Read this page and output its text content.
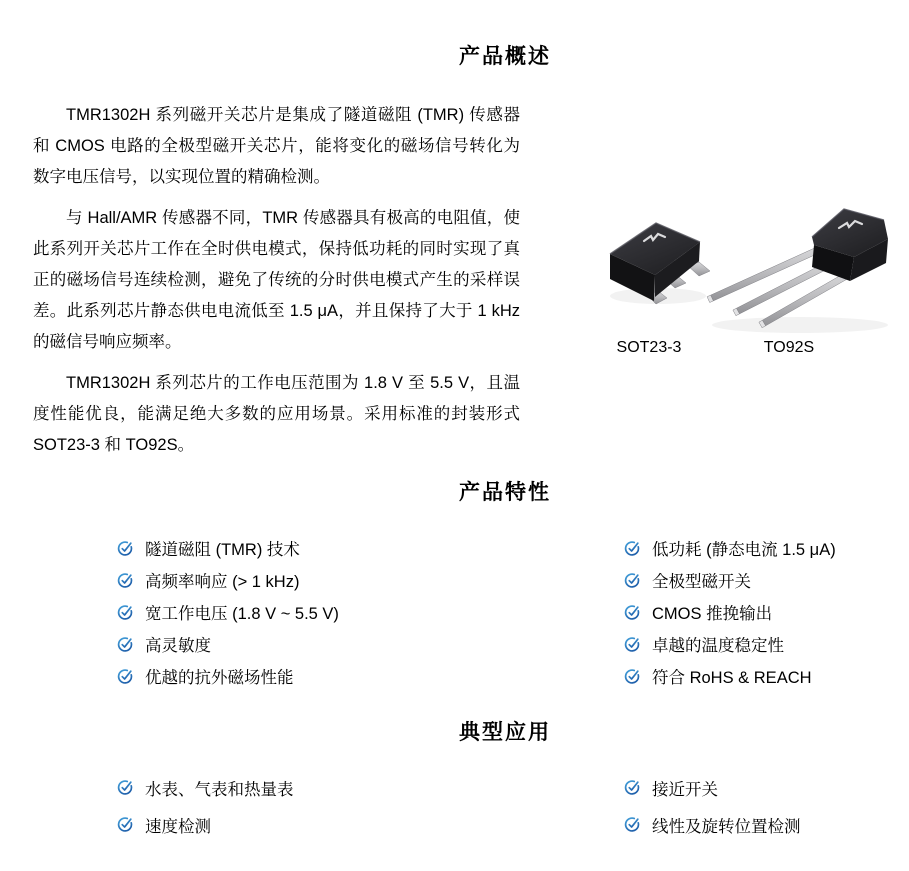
产品概述
产品特性
典型应用

TMR1302H 系列磁开关芯片是集成了隧道磁阻 (TMR) 传感器和 CMOS 电路的全极型磁开关芯片，能将变化的磁场信号转化为数字电压信号，以实现位置的精确检测。

与 Hall/AMR 传感器不同，TMR 传感器具有极高的电阻值，使此系列开关芯片工作在全时供电模式，保持低功耗的同时实现了真正的磁场信号连续检测，避免了传统的分时供电模式产生的采样误差。此系列芯片静态供电电流低至 1.5 μA，并且保持了大于 1 kHz 的磁信号响应频率。

TMR1302H 系列芯片的工作电压范围为 1.8 V 至 5.5 V，且温度性能优良，能满足绝大多数的应用场景。采用标准的封装形式 SOT23-3 和 TO92S。

SOT23-3	TO92S
隧道磁阻 (TMR) 技术
高频率响应 (> 1 kHz)
宽工作电压 (1.8 V ~ 5.5 V)
高灵敏度
优越的抗外磁场性能
低功耗 (静态电流 1.5 μA)
全极型磁开关
CMOS 推挽输出
卓越的温度稳定性
符合 RoHS & REACH
水表、气表和热量表
速度检测
接近开关
线性及旋转位置检测
